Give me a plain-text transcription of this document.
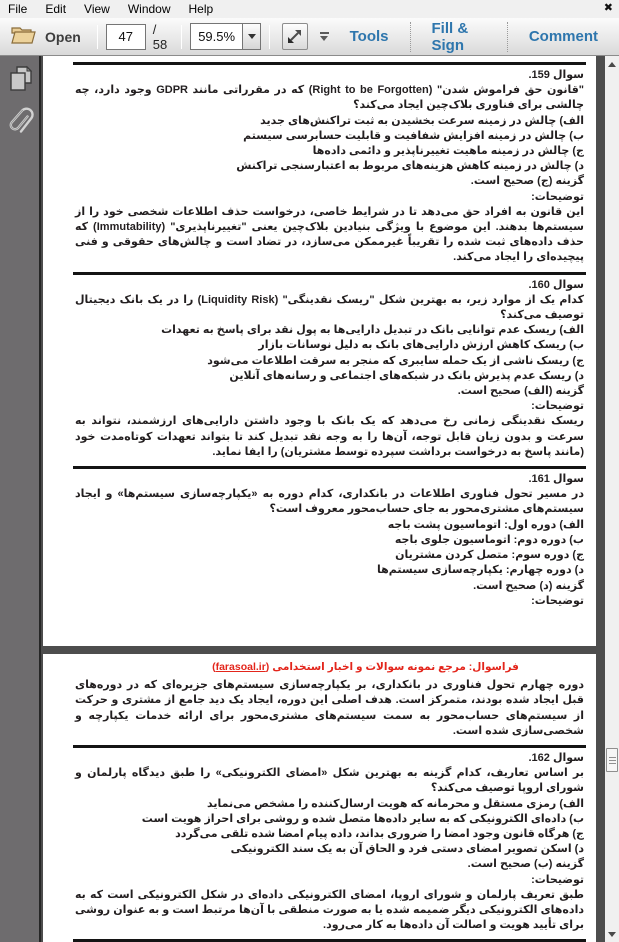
File	Edit	View	Window	Help	✖
Open
47	/ 58	59.5%	Tools	Fill & Sign	Comment
سوال 159.
"قانون حق فراموش شدن" (Right to be Forgotten) که در مقرراتی مانند GDPR وجود دارد، چه چالشی برای فناوری بلاک‌چین ایجاد می‌کند؟
الف) چالش در زمینه سرعت بخشیدن به ثبت تراکنش‌های جدید
ب) چالش در زمینه افزایش شفافیت و قابلیت حسابرسی سیستم
ج) چالش در زمینه ماهیت تغییرناپذیر و دائمی داده‌ها
د) چالش در زمینه کاهش هزینه‌های مربوط به اعتبارسنجی تراکنش
گزینه (ج) صحیح است.
توضیحات:
این قانون به افراد حق می‌دهد تا در شرایط خاصی، درخواست حذف اطلاعات شخصی خود را از سیستم‌ها بدهند. این موضوع با ویژگی بنیادین بلاک‌چین یعنی "تغییرناپذیری" (Immutability) که حذف داده‌های ثبت شده را تقریباً غیرممکن می‌سازد، در تضاد است و چالش‌های حقوقی و فنی پیچیده‌ای را ایجاد می‌کند.
سوال 160.
کدام یک از موارد زیر، به بهترین شکل "ریسک نقدینگی" (Liquidity Risk) را در یک بانک دیجیتال توصیف می‌کند؟
الف) ریسک عدم توانایی بانک در تبدیل دارایی‌ها به پول نقد برای پاسخ به تعهدات
ب) ریسک کاهش ارزش دارایی‌های بانک به دلیل نوسانات بازار
ج) ریسک ناشی از یک حمله سایبری که منجر به سرقت اطلاعات می‌شود
د) ریسک عدم پذیرش بانک در شبکه‌های اجتماعی و رسانه‌های آنلاین
گزینه (الف) صحیح است.
توضیحات:
ریسک نقدینگی زمانی رخ می‌دهد که یک بانک با وجود داشتن دارایی‌های ارزشمند، نتواند به سرعت و بدون زیان قابل توجه، آن‌ها را به وجه نقد تبدیل کند تا بتواند تعهدات کوتاه‌مدت خود (مانند پاسخ به درخواست برداشت سپرده توسط مشتریان) را ایفا نماید.
سوال 161.
در مسیر تحول فناوری اطلاعات در بانکداری، کدام دوره به «یکپارچه‌سازی سیستم‌ها» و ایجاد سیستم‌های مشتری‌محور به جای حساب‌محور معروف است؟
الف) دوره اول: اتوماسیون پشت باجه
ب) دوره دوم: اتوماسیون جلوی باجه
ج) دوره سوم: متصل کردن مشتریان
د) دوره چهارم: یکپارچه‌سازی سیستم‌ها
گزینه (د) صحیح است.
توضیحات:
فراسوال: مرجع نمونه سوالات و اخبار استخدامی (farasoal.ir)
دوره چهارم تحول فناوری در بانکداری، بر یکپارچه‌سازی سیستم‌های جزیره‌ای که در دوره‌های قبل ایجاد شده بودند، متمرکز است. هدف اصلی این دوره، ایجاد یک دید جامع از مشتری و حرکت از سیستم‌های حساب‌محور به سمت سیستم‌های مشتری‌محور برای ارائه خدمات یکپارچه و شخصی‌سازی شده است.
سوال 162.
بر اساس تعاریف، کدام گزینه به بهترین شکل «امضای الکترونیکی» را طبق دیدگاه پارلمان و شورای اروپا توصیف می‌کند؟
الف) رمزی مستقل و محرمانه که هویت ارسال‌کننده را مشخص می‌نماید
ب) داده‌ای الکترونیکی که به سایر داده‌ها متصل شده و روشی برای احراز هویت است
ج) هرگاه قانون وجود امضا را ضروری بداند، داده پیام امضا شده تلقی می‌گردد
د) اسکن تصویر امضای دستی فرد و الحاق آن به یک سند الکترونیکی
گزینه (ب) صحیح است.
توضیحات:
طبق تعریف پارلمان و شورای اروپا، امضای الکترونیکی داده‌ای در شکل الکترونیکی است که به داده‌های الکترونیکی دیگر ضمیمه شده یا به صورت منطقی با آن‌ها مرتبط است و به عنوان روشی برای تأیید هویت و اصالت آن داده‌ها به کار می‌رود.
